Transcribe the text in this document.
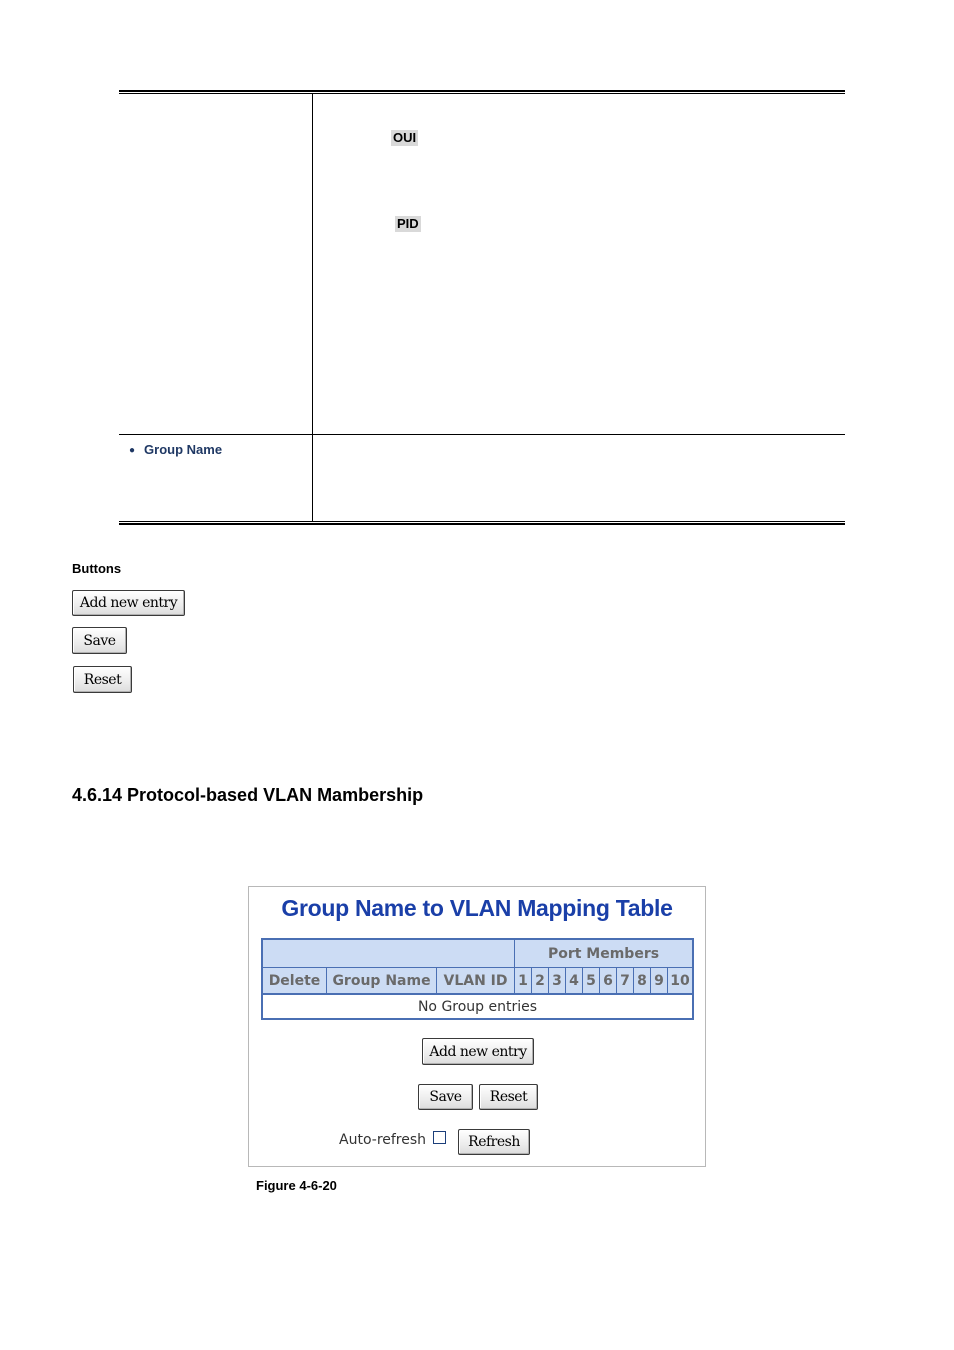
OUI
PID
● Group Name
Buttons
Add new entry
Save
Reset
4.6.14 Protocol-based VLAN Mambership
Group Name to VLAN Mapping Table
Port Members
Delete Group Name VLAN ID 1 2 3 4 5 6 7 8 9 10
No Group entries
Add new entry
Save	Reset
Auto-refresh	Refresh
Figure 4-6-20
